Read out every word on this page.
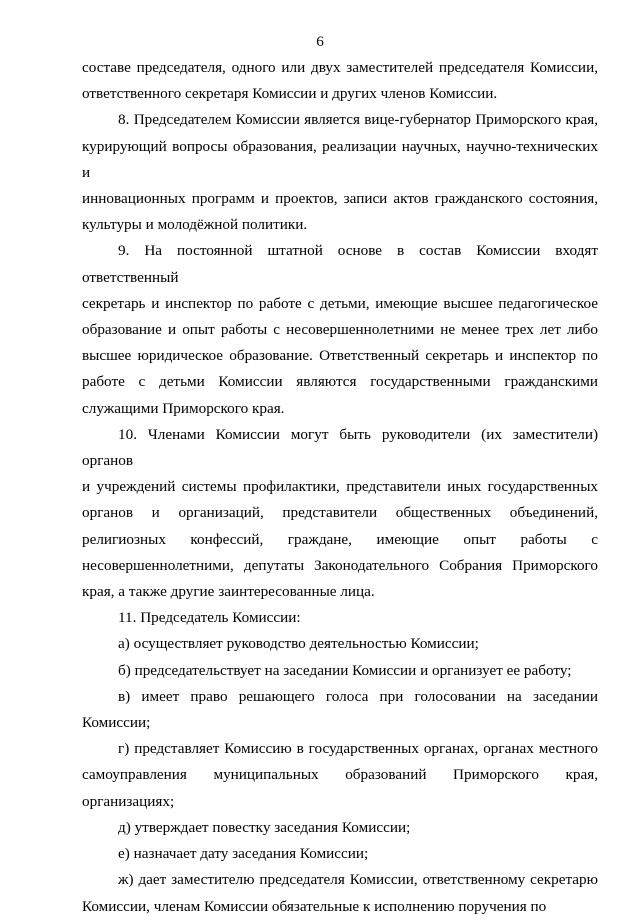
6

составе председателя, одного или двух заместителей председателя Комиссии,

ответственного секретаря Комиссии и других членов Комиссии.

8. Председателем Комиссии является вице-губернатор Приморского края,

курирующий вопросы образования, реализации научных, научно-технических и

инновационных программ и проектов, записи актов гражданского состояния,

культуры и молодёжной политики.

9. На постоянной штатной основе в состав Комиссии входят ответственный

секретарь и инспектор по работе с детьми, имеющие высшее педагогическое

образование и опыт работы с несовершеннолетними не менее трех лет либо

высшее юридическое образование. Ответственный секретарь и инспектор по

работе с детьми Комиссии являются государственными гражданскими

служащими Приморского края.

10. Членами Комиссии могут быть руководители (их заместители) органов

и учреждений системы профилактики, представители иных государственных

органов и организаций, представители общественных объединений,

религиозных конфессий, граждане, имеющие опыт работы с

несовершеннолетними, депутаты Законодательного Собрания Приморского

края, а также другие заинтересованные лица.

11. Председатель Комиссии:

а) осуществляет руководство деятельностью Комиссии;

б) председательствует на заседании Комиссии и организует ее работу;

в) имеет право решающего голоса при голосовании на заседании

Комиссии;

г) представляет Комиссию в государственных органах, органах местного

самоуправления муниципальных образований Приморского края,

организациях;

д) утверждает повестку заседания Комиссии;

е) назначает дату заседания Комиссии;

ж) дает заместителю председателя Комиссии, ответственному секретарю

Комиссии, членам Комиссии обязательные к исполнению поручения по
